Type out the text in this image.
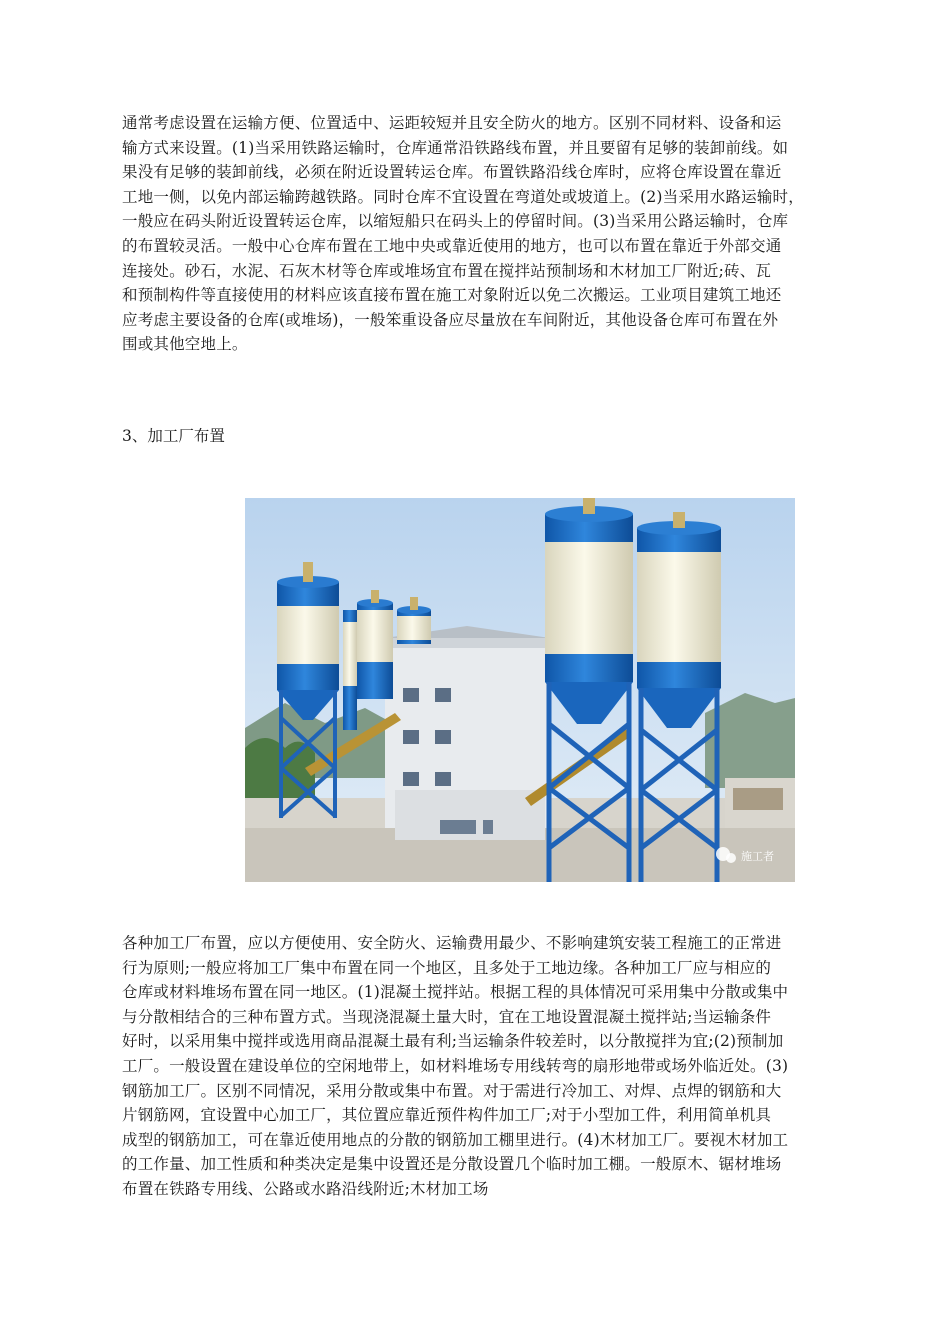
通常考虑设置在运输方便、位置适中、运距较短并且安全防火的地方。区别不同材料、设备和运
输方式来设置。(1)当采用铁路运输时，仓库通常沿铁路线布置，并且要留有足够的装卸前线。如
果没有足够的装卸前线，必须在附近设置转运仓库。布置铁路沿线仓库时，应将仓库设置在靠近
工地一侧，以免内部运输跨越铁路。同时仓库不宜设置在弯道处或坡道上。(2)当采用水路运输时，
一般应在码头附近设置转运仓库，以缩短船只在码头上的停留时间。(3)当采用公路运输时，仓库
的布置较灵活。一般中心仓库布置在工地中央或靠近使用的地方，也可以布置在靠近于外部交通
连接处。砂石，水泥、石灰木材等仓库或堆场宜布置在搅拌站预制场和木材加工厂附近;砖、瓦
和预制构件等直接使用的材料应该直接布置在施工对象附近以免二次搬运。工业项目建筑工地还
应考虑主要设备的仓库(或堆场)，一般笨重设备应尽量放在车间附近，其他设备仓库可布置在外
围或其他空地上。
3、加工厂布置
施工者
各种加工厂布置，应以方便使用、安全防火、运输费用最少、不影响建筑安装工程施工的正常进
行为原则;一般应将加工厂集中布置在同一个地区，且多处于工地边缘。各种加工厂应与相应的
仓库或材料堆场布置在同一地区。(1)混凝土搅拌站。根据工程的具体情况可采用集中分散或集中
与分散相结合的三种布置方式。当现浇混凝土量大时，宜在工地设置混凝土搅拌站;当运输条件
好时，以采用集中搅拌或选用商品混凝土最有利;当运输条件较差时，以分散搅拌为宜;(2)预制加
工厂。一般设置在建设单位的空闲地带上，如材料堆场专用线转弯的扇形地带或场外临近处。(3)
钢筋加工厂。区别不同情况，采用分散或集中布置。对于需进行冷加工、对焊、点焊的钢筋和大
片钢筋网，宜设置中心加工厂，其位置应靠近预件构件加工厂;对于小型加工件，利用简单机具
成型的钢筋加工，可在靠近使用地点的分散的钢筋加工棚里进行。(4)木材加工厂。要视木材加工
的工作量、加工性质和种类决定是集中设置还是分散设置几个临时加工棚。一般原木、锯材堆场
布置在铁路专用线、公路或水路沿线附近;木材加工场
